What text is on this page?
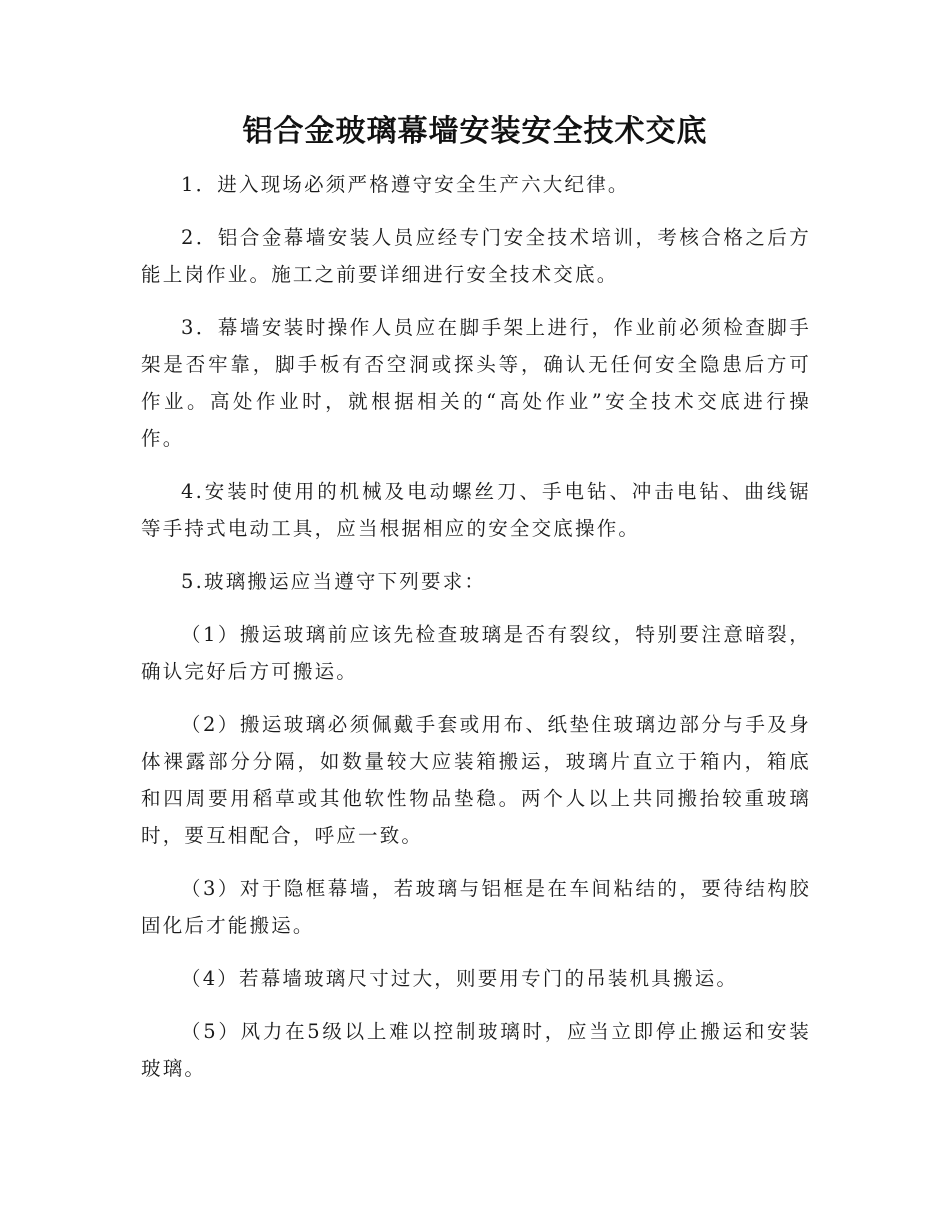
铝合金玻璃幕墙安装安全技术交底

1．进入现场必须严格遵守安全生产六大纪律。

2．铝合金幕墙安装人员应经专门安全技术培训，考核合格之后方能上岗作业。施工之前要详细进行安全技术交底。

3．幕墙安装时操作人员应在脚手架上进行，作业前必须检查脚手架是否牢靠，脚手板有否空洞或探头等，确认无任何安全隐患后方可作业。高处作业时，就根据相关的“高处作业”安全技术交底进行操作。

4.安装时使用的机械及电动螺丝刀、手电钻、冲击电钻、曲线锯等手持式电动工具，应当根据相应的安全交底操作。

5.玻璃搬运应当遵守下列要求：

（1）搬运玻璃前应该先检查玻璃是否有裂纹，特别要注意暗裂，确认完好后方可搬运。

（2）搬运玻璃必须佩戴手套或用布、纸垫住玻璃边部分与手及身体裸露部分分隔，如数量较大应装箱搬运，玻璃片直立于箱内，箱底和四周要用稻草或其他软性物品垫稳。两个人以上共同搬抬较重玻璃时，要互相配合，呼应一致。

（3）对于隐框幕墙，若玻璃与铝框是在车间粘结的，要待结构胶固化后才能搬运。

（4）若幕墙玻璃尺寸过大，则要用专门的吊装机具搬运。

（5）风力在5级以上难以控制玻璃时，应当立即停止搬运和安装玻璃。
